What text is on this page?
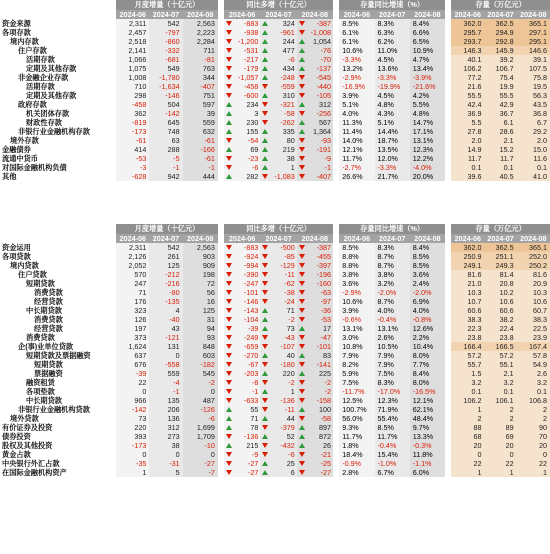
	月度增量（十亿元）				同比多增（十亿元）				存量同比增速（%）				存量（万亿元）		
	2024-06	2024-07	2024-08		2024-06	2024-07	2024-08		2024-06	2024-07	2024-08		2024-06	2024-07	2024-08
资金来源	2,311	542	2,563		-883	324	-387		8.5%	8.3%	8.4%		362.0	362.5	365.1
各项存款	2,457	-797	2,223		-938	-961	-1,008		6.1%	6.3%	6.6%		295.7	294.9	297.1
境内存款	2,518	-860	2,284		-1,200	244	1,054		6.1%	6.2%	6.5%		293.7	292.8	295.1
住户存款	2,141	-332	711		-531	477	-76		10.6%	11.0%	10.9%		146.3	145.9	146.6
活期存款	1,066	-681	-81		-217	-6	-70		-3.3%	4.5%	4.7%		40.1	39.2	39.1
定期及其他存款	1,075	549	763		-179	434	-137		13.2%	13.6%	13.4%		106.2	106.7	107.5
非金融企业存款	1,008	-1,780	344		-1,057	-248	-545		-2.9%	-3.3%	-3.9%		77.2	75.4	75.8
活期存款	710	-1,634	-407		-458	-559	-440		-16.9%	-19.9%	-21.6%		21.6	19.9	19.5
定期及其他存款	298	-146	751		-600	310	-105		3.9%	4.5%	4.2%		55.5	55.5	56.3
政府存款	-458	504	597		234	-321	312		5.1%	4.8%	5.5%		42.4	42.9	43.5
机关团体存款	362	-142	39		3	-58	-256		4.0%	4.3%	4.8%		36.9	36.7	36.8
财政性存款	-819	645	559		230	-262	567		11.3%	5.1%	14.7%		5.5	6.1	6.7
非银行业金融机构存款	-173	748	632		155	335	1,364		11.4%	14.4%	17.1%		27.8	28.6	29.2
境外存款	-61	63	-61		-54	80	-93		14.0%	18.7%	13.1%		2.0	2.1	2.0
金融债券	414	288	-166		69	219	-191		12.1%	13.5%	12.3%		14.9	15.2	15.0
流通中货币	-53	-5	-61		-23	38	-9		11.7%	12.0%	12.2%		11.7	11.7	11.6
对国际金融机构负债	-3	-1	-1		-6	1	-1		-2.7%	-3.3%	-4.0%		0.1	0.1	0.1
其他	-628	942	444		282	-1,083	-407		26.6%	21.7%	20.0%		39.6	40.5	41.0
	月度增量（十亿元）				同比多增（十亿元）				存量同比增速（%）				存量（万亿元）		
	2024-06	2024-07	2024-08		2024-06	2024-07	2024-08		2024-06	2024-07	2024-08		2024-06	2024-07	2024-08
资金运用	2,311	542	2,563		-883	-500	-387		8.5%	8.3%	8.4%		362.0	362.5	365.1
各项贷款	2,126	261	903		-924	-85	-455		8.8%	8.7%	8.5%		250.9	251.1	252.0
境内贷款	2,052	125	909		-994	-129	-397		8.8%	8.7%	8.5%		249.1	249.3	250.2
住户贷款	570	-212	198		-390	-11	-196		3.8%	3.8%	3.6%		81.6	81.4	81.6
短期贷款	247	-216	72		-247	-62	-160		3.6%	3.2%	2.4%		21.0	20.8	20.9
消费贷款	71	-80	56		-101	-38	-63		-2.9%	-2.0%	-2.0%		10.3	10.2	10.3
经营贷款	176	-135	16		-146	-24	-97		10.6%	8.7%	6.9%		10.7	10.6	10.6
中长期贷款	323	4	125		-143	71	-36		3.9%	4.0%	4.0%		60.6	60.6	60.7
消费贷款	126	-40	31		-104	-2	-53		-0.6%	-0.4%	-0.8%		38.3	38.2	38.3
经营贷款	197	43	94		-39	73	17		13.1%	13.1%	12.6%		22.3	22.4	22.5
消费贷款	373	-121	93		-249	-43	-47		3.0%	2.6%	2.2%		23.8	23.8	23.9
企(事)业单位贷款	1,624	131	848		-659	-107	-101		10.8%	10.5%	10.4%		166.4	166.5	167.4
短期贷款及票据融资	637	0	603		-270	40	83		7.9%	7.9%	8.0%		57.2	57.2	57.8
短期贷款	676	-558	-182		-67	-180	-141		8.2%	7.9%	7.7%		55.7	55.1	54.9
票据融资	-39	559	545		-203	220	225		5.9%	7.5%	8.4%		1.5	2.1	2.6
融资租赁	22	-4	-2		-8	-2	-2		7.5%	8.3%	8.0%		3.2	3.2	3.2
各项垫款	0	-1	0		-1	1	-2		-11.7%	-17.0%	-16.5%		0.1	0.1	0.1
中长期贷款	966	135	487		-633	-136	-158		12.5%	12.3%	12.1%		106.2	106.1	106.8
非银行业金融机构贷款	-142	206	-126		55	-11	100		100.7%	71.9%	62.1%		1	2	2
境外贷款	73	136	-6		71	44	-58		56.0%	55.4%	48.4%		2	2	2
有价证券及投资	220	312	1,699		78	-379	897		9.3%	8.5%	9.7%		88	89	90
债券投资	393	273	1,709		-136	52	872		11.7%	11.7%	13.3%		68	69	70
股权及其他投资	-173	38	-10		215	-432	26		1.8%	-0.4%	-0.3%		20	20	20
黄金占款	0	0	0		-9	-6	-21		18.4%	15.4%	11.8%		0	0	0
中央银行外汇占款	-35	-31	-27		-27	25	-25		-0.9%	-1.0%	-1.1%		22	22	22
在国际金融机构资产	1	5	-7		-27	6	-27		2.8%	6.7%	6.0%		1	1	1
